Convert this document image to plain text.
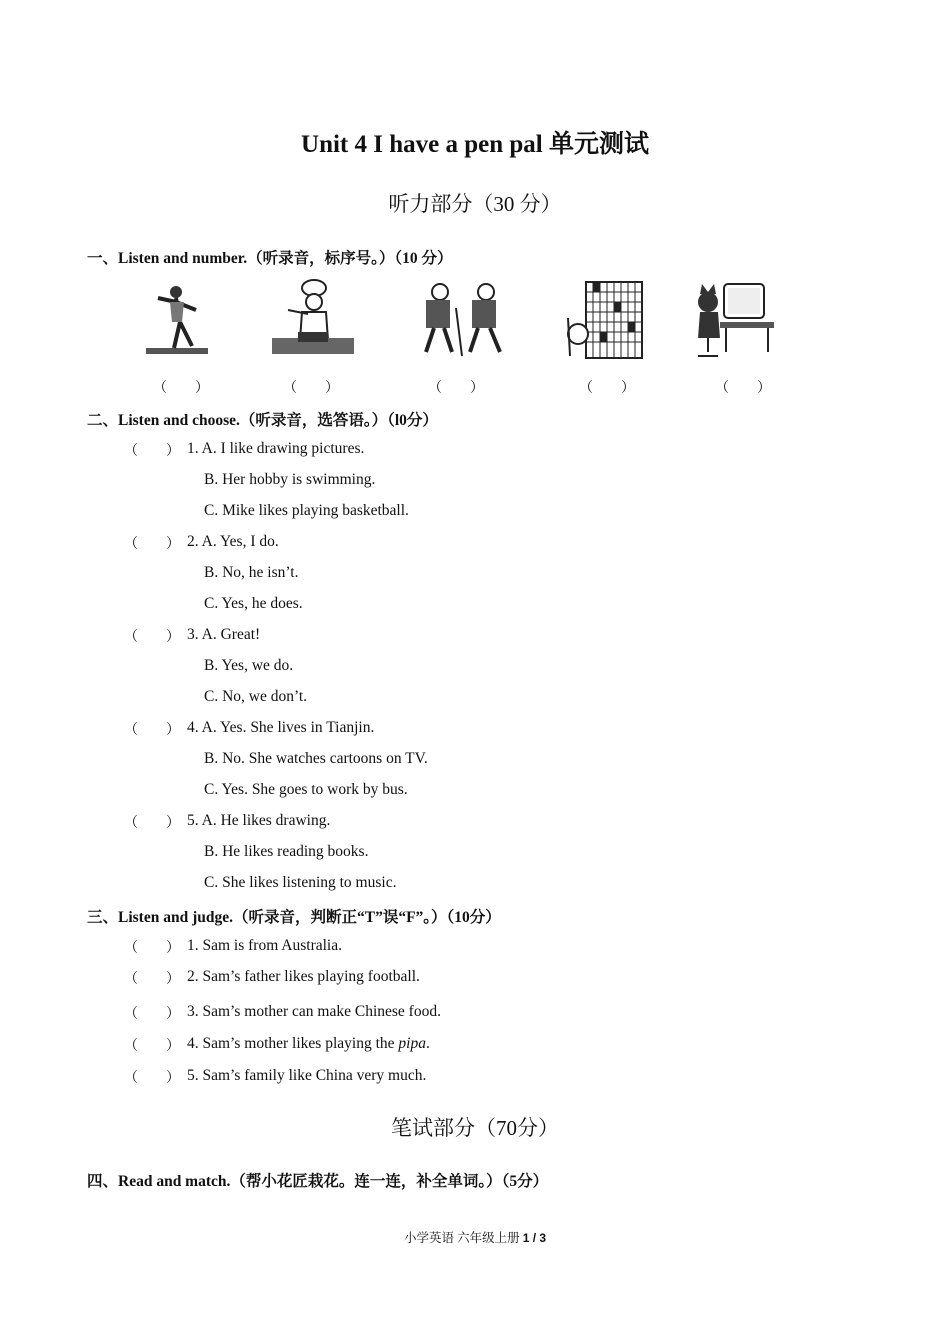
Unit 4 I have a pen pal 单元测试
听力部分（30 分）
一、Listen and number.（听录音，标序号。）（10 分）
（　　）	（　　）	（　　）	（　　）	（　　）
二、Listen and choose.（听录音，选答语。）（l0分）
（　　） 1. A. I like drawing pictures.
B. Her hobby is swimming.
C. Mike likes playing basketball.
（　　） 2. A. Yes, I do.
B. No, he isn’t.
C. Yes, he does.
（　　） 3. A. Great!
B. Yes, we do.
C. No, we don’t.
（　　） 4. A. Yes. She lives in Tianjin.
B. No. She watches cartoons on TV.
C. Yes. She goes to work by bus.
（　　） 5. A. He likes drawing.
B. He likes reading books.
C. She likes listening to music.
三、Listen and judge.（听录音，判断正“T”误“F”。）（10分）
（　　） 1. Sam is from Australia.
（　　） 2. Sam’s father likes playing football.
（　　） 3. Sam’s mother can make Chinese food.
（　　） 4. Sam’s mother likes playing the pipa.
（　　） 5. Sam’s family like China very much.
笔试部分（70分）
四、Read and match.（帮小花匠栽花。连一连，补全单词。）（5分）
小学英语 六年级上册 1 / 3
